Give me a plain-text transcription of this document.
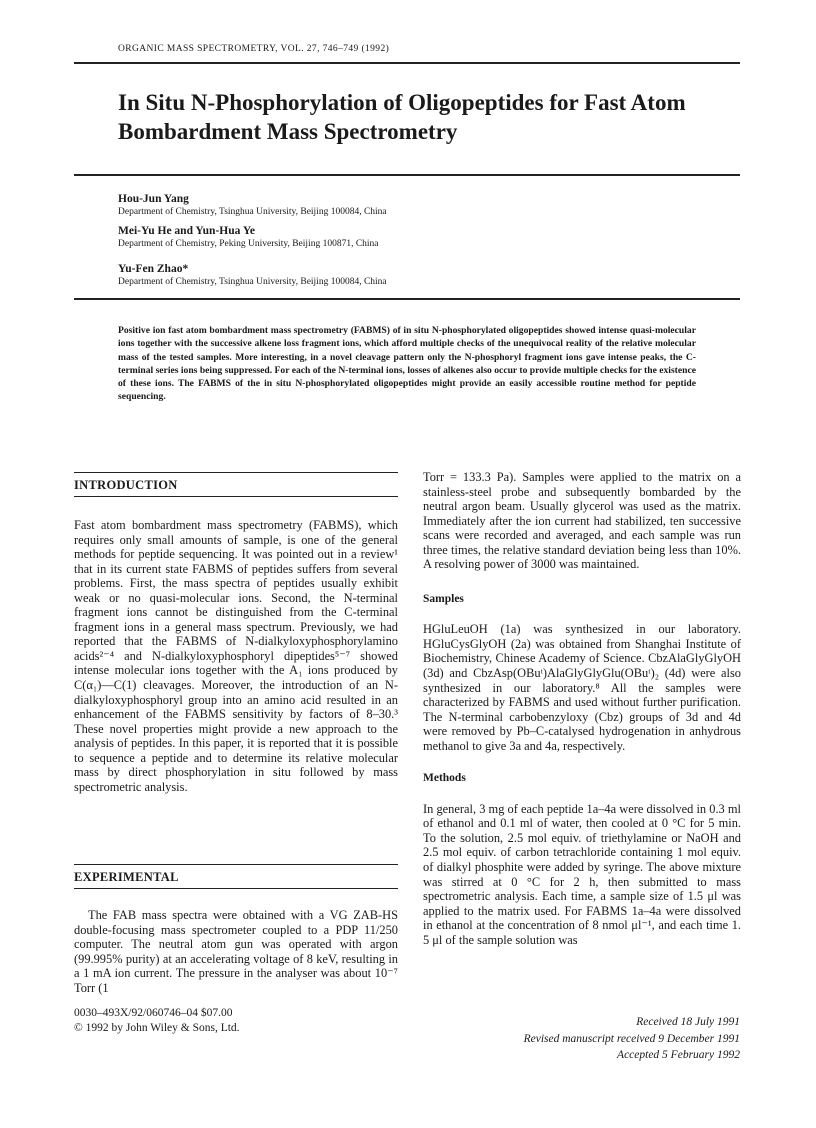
ORGANIC MASS SPECTROMETRY, VOL. 27, 746–749 (1992)
In Situ N-Phosphorylation of Oligopeptides for Fast Atom Bombardment Mass Spectrometry
Hou-Jun Yang
Department of Chemistry, Tsinghua University, Beijing 100084, China
Mei-Yu He and Yun-Hua Ye
Department of Chemistry, Peking University, Beijing 100871, China
Yu-Fen Zhao*
Department of Chemistry, Tsinghua University, Beijing 100084, China
Positive ion fast atom bombardment mass spectrometry (FABMS) of in situ N-phosphorylated oligopeptides showed intense quasi-molecular ions together with the successive alkene loss fragment ions, which afford multiple checks of the unequivocal reality of the relative molecular mass of the tested samples. More interesting, in a novel cleavage pattern only the N-phosphoryl fragment ions gave intense peaks, the C-terminal series ions being suppressed. For each of the N-terminal ions, losses of alkenes also occur to provide multiple checks for the existence of these ions. The FABMS of the in situ N-phosphorylated oligopeptides might provide an easily accessible routine method for peptide sequencing.
INTRODUCTION

Fast atom bombardment mass spectrometry (FABMS), which requires only small amounts of sample, is one of the general methods for peptide sequencing. It was pointed out in a review¹ that in its current state FABMS of peptides suffers from several problems. First, the mass spectra of peptides usually exhibit weak or no quasi-molecular ions. Second, the N-terminal fragment ions cannot be distinguished from the C-terminal fragment ions in a general mass spectrum. Previously, we had reported that the FABMS of N-dialkyloxyphosphorylamino acids²⁻⁴ and N-dialkyloxyphosphoryl dipeptides⁵⁻⁷ showed intense molecular ions together with the A₁ ions produced by C(α₁)—C(1) cleavages. Moreover, the introduction of an N-dialkyloxyphosphoryl group into an amino acid resulted in an enhancement of the FABMS sensitivity by factors of 8–30.³ These novel properties might provide a new approach to the analysis of peptides. In this paper, it is reported that it is possible to sequence a peptide and to determine its relative molecular mass by direct phosphorylation in situ followed by mass spectrometric analysis.

EXPERIMENTAL

The FAB mass spectra were obtained with a VG ZAB-HS double-focusing mass spectrometer coupled to a PDP 11/250 computer. The neutral atom gun was operated with argon (99.995% purity) at an accelerating voltage of 8 keV, resulting in a 1 mA ion current. The pressure in the analyser was about 10⁻⁷ Torr (1

Torr = 133.3 Pa). Samples were applied to the matrix on a stainless-steel probe and subsequently bombarded by the neutral argon beam. Usually glycerol was used as the matrix. Immediately after the ion current had stabilized, ten successive scans were recorded and averaged, and each sample was run three times, the relative standard deviation being less than 10%. A resolving power of 3000 was maintained.

Samples

HGluLeuOH (1a) was synthesized in our laboratory. HGluCysGlyOH (2a) was obtained from Shanghai Institute of Biochemistry, Chinese Academy of Science. CbzAlaGlyGlyOH (3d) and CbzAsp(OBuᵗ)AlaGlyGlyGlu(OBuᵗ)₂ (4d) were also synthesized in our laboratory.⁸ All the samples were characterized by FABMS and used without further purification. The N-terminal carbobenzyloxy (Cbz) groups of 3d and 4d were removed by Pb–C-catalysed hydrogenation in anhydrous methanol to give 3a and 4a, respectively.

Methods

In general, 3 mg of each peptide 1a–4a were dissolved in 0.3 ml of ethanol and 0.1 ml of water, then cooled at 0 °C for 5 min. To the solution, 2.5 mol equiv. of triethylamine or NaOH and 2.5 mol equiv. of carbon tetrachloride containing 1 mol equiv. of dialkyl phosphite were added by syringe. The above mixture was stirred at 0 °C for 2 h, then submitted to mass spectrometric analysis. Each time, a sample size of 1.5 μl was applied to the matrix used. For FABMS 1a–4a were dissolved in ethanol at the concentration of 8 nmol μl⁻¹, and each time 1. 5 μl of the sample solution was

0030–493X/92/060746–04 $07.00
© 1992 by John Wiley & Sons, Ltd.	Received 18 July 1991
Revised manuscript received 9 December 1991
Accepted 5 February 1992
